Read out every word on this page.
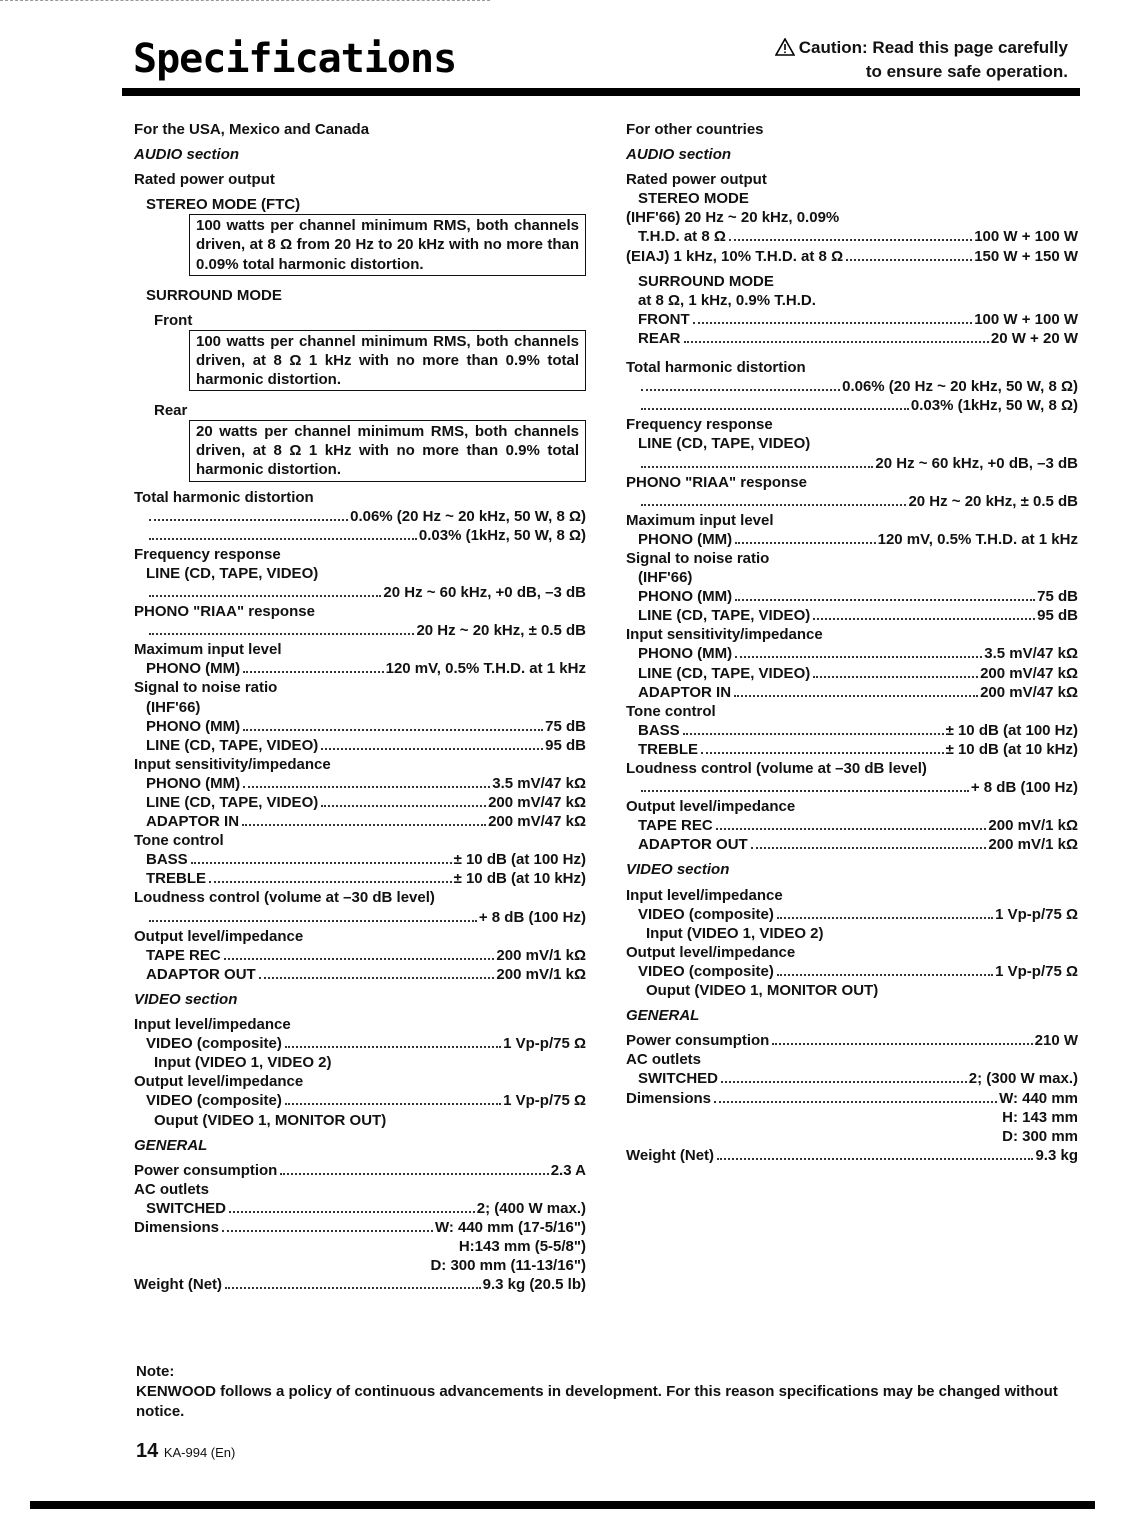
Specifications	Caution: Read this page carefully
to ensure safe operation.
For the USA, Mexico and Canada
AUDIO section
Rated power output
STEREO MODE (FTC)
100 watts per channel minimum RMS, both channels driven, at 8 Ω from 20 Hz to 20 kHz with no more than 0.09% total harmonic distortion.
SURROUND MODE
Front
100 watts per channel minimum RMS, both channels driven, at 8 Ω 1 kHz with no more than 0.9% total harmonic distortion.
Rear
20 watts per channel minimum RMS, both channels driven, at 8 Ω 1 kHz with no more than 0.9% total harmonic distortion.
Total harmonic distortion
0.06% (20 Hz ~ 20 kHz, 50 W, 8 Ω)
0.03% (1kHz, 50 W, 8 Ω)
Frequency response
LINE (CD, TAPE, VIDEO)
20 Hz ~ 60 kHz, +0 dB, –3 dB
PHONO "RIAA" response
20 Hz ~ 20 kHz, ± 0.5 dB
Maximum input level
PHONO (MM)	120 mV, 0.5% T.H.D. at 1 kHz
Signal to noise ratio
(IHF'66)
PHONO (MM)	75 dB
LINE (CD, TAPE, VIDEO)	95 dB
Input sensitivity/impedance
PHONO (MM)	3.5 mV/47 kΩ
LINE (CD, TAPE, VIDEO)	200 mV/47 kΩ
ADAPTOR IN	200 mV/47 kΩ
Tone control
BASS	± 10 dB (at 100 Hz)
TREBLE	± 10 dB (at 10 kHz)
Loudness control (volume at –30 dB level)
+ 8 dB (100 Hz)
Output level/impedance
TAPE REC	200 mV/1 kΩ
ADAPTOR OUT	200 mV/1 kΩ
VIDEO section
Input level/impedance
VIDEO (composite)	1 Vp-p/75 Ω
Input (VIDEO 1, VIDEO 2)
Output level/impedance
VIDEO (composite)	1 Vp-p/75 Ω
Ouput (VIDEO 1, MONITOR OUT)
GENERAL
Power consumption	2.3 A
AC outlets
SWITCHED	2; (400 W max.)
Dimensions	W: 440 mm (17-5/16")
H:143 mm (5-5/8")
D: 300 mm (11-13/16")
Weight (Net)	9.3 kg (20.5 lb)
For other countries
AUDIO section
Rated power output
STEREO MODE
(IHF'66) 20 Hz ~ 20 kHz, 0.09%
T.H.D. at 8 Ω	100 W + 100 W
(EIAJ) 1 kHz, 10% T.H.D. at 8 Ω	150 W + 150 W
SURROUND MODE
at 8 Ω, 1 kHz, 0.9% T.H.D.
FRONT	100 W + 100 W
REAR	20 W + 20 W
Total harmonic distortion
0.06% (20 Hz ~ 20 kHz, 50 W, 8 Ω)
0.03% (1kHz, 50 W, 8 Ω)
Frequency response
LINE (CD, TAPE, VIDEO)
20 Hz ~ 60 kHz, +0 dB, –3 dB
PHONO "RIAA" response
20 Hz ~ 20 kHz, ± 0.5 dB
Maximum input level
PHONO (MM)	120 mV, 0.5% T.H.D. at 1 kHz
Signal to noise ratio
(IHF'66)
PHONO (MM)	75 dB
LINE (CD, TAPE, VIDEO)	95 dB
Input sensitivity/impedance
PHONO (MM)	3.5 mV/47 kΩ
LINE (CD, TAPE, VIDEO)	200 mV/47 kΩ
ADAPTOR IN	200 mV/47 kΩ
Tone control
BASS	± 10 dB (at 100 Hz)
TREBLE	± 10 dB (at 10 kHz)
Loudness control (volume at –30 dB level)
+ 8 dB (100 Hz)
Output level/impedance
TAPE REC	200 mV/1 kΩ
ADAPTOR OUT	200 mV/1 kΩ
VIDEO section
Input level/impedance
VIDEO (composite)	1 Vp-p/75 Ω
Input (VIDEO 1, VIDEO 2)
Output level/impedance
VIDEO (composite)	1 Vp-p/75 Ω
Ouput (VIDEO 1, MONITOR OUT)
GENERAL
Power consumption	210 W
AC outlets
SWITCHED	2; (300 W max.)
Dimensions	W: 440 mm
H: 143 mm
D: 300 mm
Weight (Net)	9.3 kg
Note:
KENWOOD follows a policy of continuous advancements in development. For this reason specifications may be changed without notice.
14 KA-994 (En)
